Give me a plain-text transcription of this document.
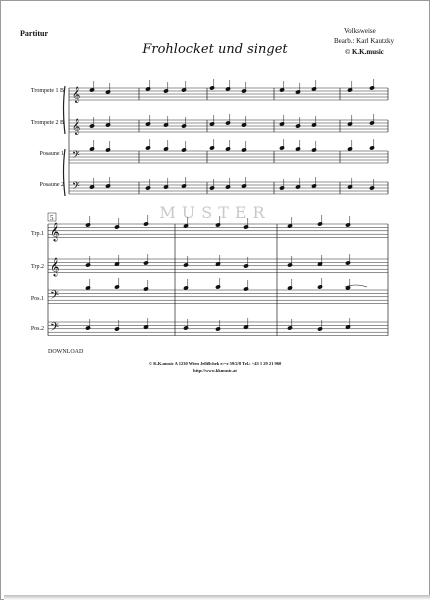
Partitur
Frohlocket und singet
Volksweise
Bearb.: Karl Kautzky
© K.K.music
Trompete 1 B
Trompete 2 B
Posaune 1
Posaune 2
Trp.1
Trp.2
Pos.1
Pos.2
MUSTER
DOWNLOAD
© K.K.music A 1230 Wien Jelli8chek e:=e 59/2/8 Tel.: +43 1 29 21 960
http://www.kkmusic.at
𝄞
𝄞
𝄢
𝄢
5
𝄞
𝄞
𝄢
𝄢
